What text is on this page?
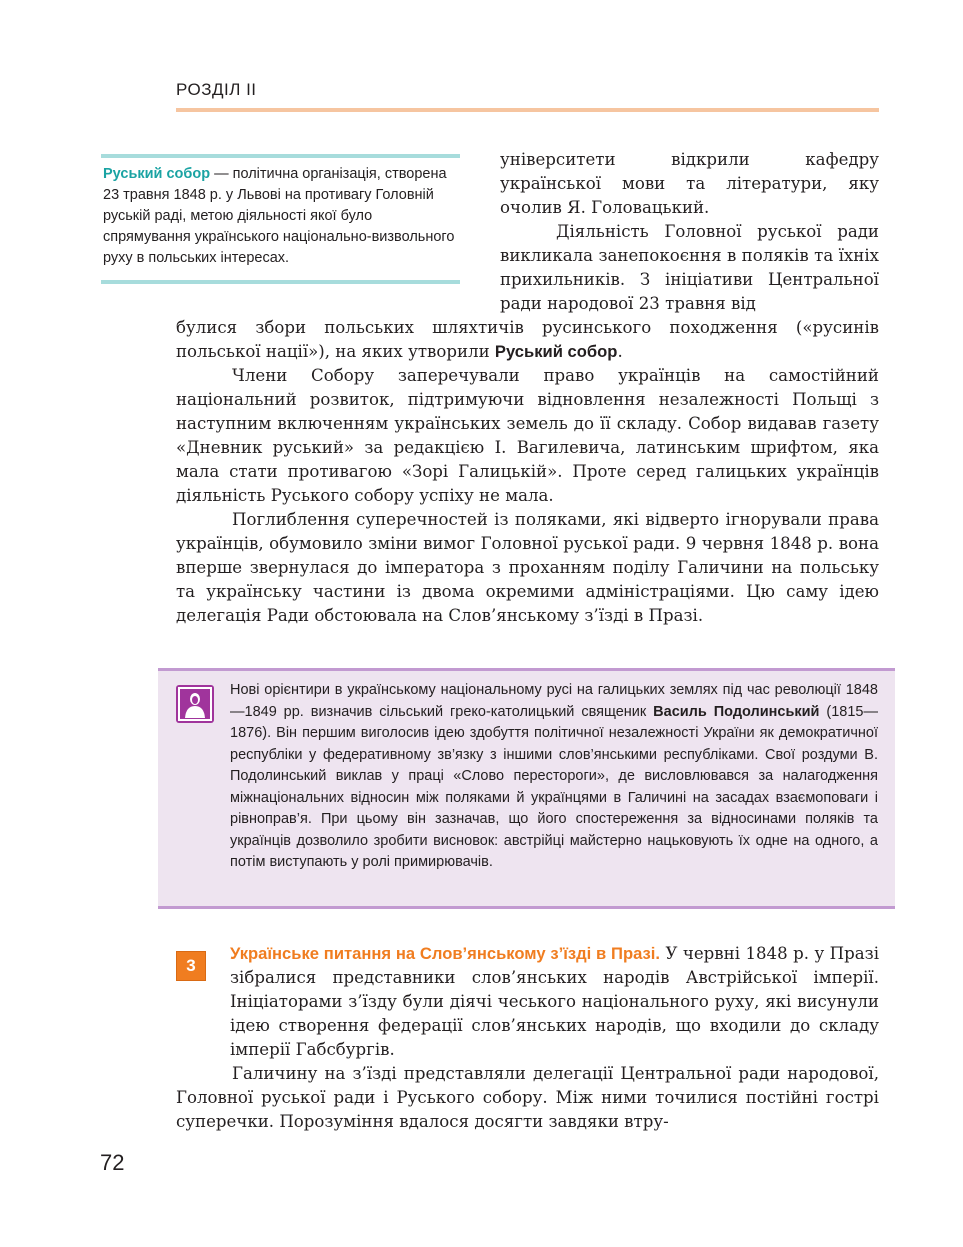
РОЗДІЛ ІІ
Руський собор — політична організація, створена 23 травня 1848 р. у Львові на противагу Головній руській раді, метою діяльності якої було спрямування українського національно-визвольного руху в польських інтересах.

університети відкрили кафедру української мови та літератури, яку очолив Я. Головацький.

Діяльність Головної руської ради викликала занепокоєння в поляків та їхніх прихильників. З ініціативи Центральної ради народової 23 травня від

булися збори польських шляхтичів русинського походження («русинів польської нації»), на яких утворили Руський собор.

Члени Собору заперечували право українців на самостійний національний розвиток, підтримуючи відновлення незалежності Польщі з наступним включенням українських земель до її складу. Собор видавав газету «Дневник руський» за редакцією І. Вагилевича, латинським шрифтом, яка мала стати противагою «Зорі Галицькій». Проте серед галицьких українців діяльність Руського собору успіху не мала.

Поглиблення суперечностей із поляками, які відверто ігнорували права українців, обумовило зміни вимог Головної руської ради. 9 червня 1848 р. вона вперше звернулася до імператора з проханням поділу Галичини на польську та українську частини із двома окремими адміністраціями. Цю саму ідею делегація Ради обстоювала на Слов’янському з’їзді в Празі.

Нові орієнтири в українському національному русі на галицьких землях під час революції 1848—1849 рр. визначив сільський греко-католицький священик Василь Подолинський (1815—1876). Він першим виголосив ідею здобуття політичної незалежності України як демократичної республіки у федеративному зв’язку з іншими слов’янськими республіками. Свої роздуми В. Подолинський виклав у праці «Слово перестороги», де висловлювався за налагодження міжнаціональних відносин між поляками й українцями в Галичині на засадах взаємоповаги і рівноправ’я. При цьому він зазначав, що його спостереження за відносинами поляків та українців дозволило зробити висновок: австрійці майстерно нацьковують їх одне на одного, а потім виступають у ролі примирювачів.
3

Українське питання на Слов’янському з’їзді в Празі. У червні 1848 р. у Празі зібралися представники слов’янських народів Австрійської імперії. Ініціаторами з’їзду були діячі чеського національного руху, які висунули ідею створення федерації слов’янських народів, що входили до складу імперії Габсбургів.

Галичину на з’їзді представляли делегації Центральної ради народової, Головної руської ради і Руського собору. Між ними точилися постійні гострі суперечки. Порозуміння вдалося досягти завдяки втру-

72
